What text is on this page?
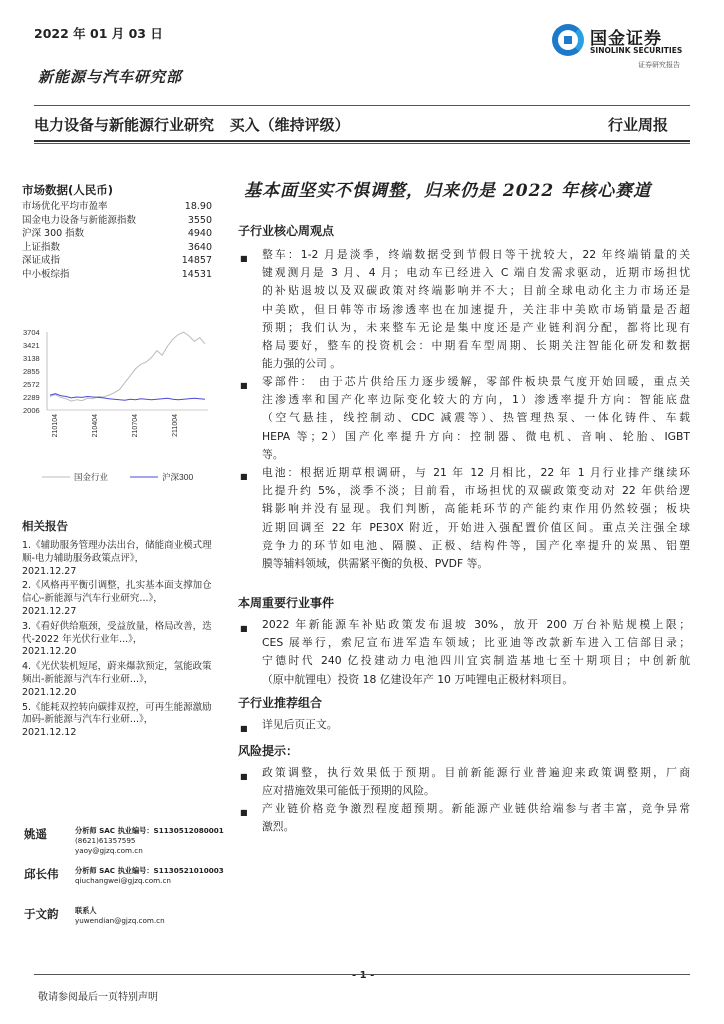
2022 年 01 月 03 日
新能源与汽车研究部
国金证券
SINOLINK SECURITIES
证券研究报告
电力设备与新能源行业研究   买入（维持评级）	行业周报
市场数据(人民币)
市场优化平均市盈率	18.90
国金电力设备与新能源指数	3550
沪深 300 指数	4940
上证指数	3640
深证成指	14857
中小板综指	14531
3704
3421
3138
2855
2572
2289
2006
210104	210404	210704	211004
国金行业	沪深300
相关报告
1.《辅助服务管理办法出台，储能商业模式理顺-电力辅助服务政策点评》，
2021.12.27
2.《风格再平衡引调整，扎实基本面支撑加仓信心-新能源与汽车行业研究...》，
2021.12.27
3.《看好供给瓶颈，受益放量，格局改善，迭代-2022 年光伏行业年...》，
2021.12.20
4.《光伏装机短尾，蔚来爆款预定，氢能政策频出-新能源与汽车行业研...》，
2021.12.20
5.《能耗双控转向碳排双控，可再生能源激励加码-新能源与汽车行业研...》，
2021.12.12
姚遥	分析师 SAC 执业编号：S1130512080001
(8621)61357595
yaoy@gjzq.com.cn
邱长伟 分析师 SAC 执业编号：S1130521010003
qiuchangwei@gjzq.com.cn
于文韵 联系人
yuwendian@gjzq.com.cn
基本面坚实不惧调整，归来仍是 2022 年核心赛道
子行业核心周观点
■ 整车：1-2 月是淡季，终端数据受到节假日等干扰较大，22 年终端销量的关
键观测月是 3 月、4 月；电动车已经进入 C 端自发需求驱动，近期市场担忧
的补贴退坡以及双碳政策对终端影响并不大；目前全球电动化主力市场还是
中美欧，但日韩等市场渗透率也在加速提升，关注非中美欧市场销量是否超
预期；我们认为，未来整车无论是集中度还是产业链利润分配，都将比现有
格局要好，整车的投资机会：中期看车型周期、长期关注智能化研发和数据
能力强的公司 。
■ 零部件： 由于芯片供给压力逐步缓解，零部件板块景气度开始回暖，重点关
注渗透率和国产化率边际变化较大的方向，1）渗透率提升方向：智能底盘
（空气悬挂，线控制动、CDC 减震等）、热管理热泵、一体化铸件、车载
HEPA 等；2）国产化率提升方向：控制器、微电机、音响、轮胎、IGBT
等。
■ 电池：根据近期草根调研，与 21 年 12 月相比，22 年 1 月行业排产继续环
比提升约 5%，淡季不淡；目前看，市场担忧的双碳政策变动对 22 年供给逻
辑影响并没有显现。我们判断，高能耗环节的产能约束作用仍然较强；板块
近期回调至 22 年 PE30X 附近，开始进入强配置价值区间。重点关注强全球
竞争力的环节如电池、隔膜、正极、结构件等，国产化率提升的炭黑、铝塑
膜等辅料领域，供需紧平衡的负极、PVDF 等。
本周重要行业事件
■ 2022 年新能源车补贴政策发布退坡 30%，放开 200 万台补贴规模上限；
CES 展举行，索尼宣布进军造车领域；比亚迪等改款新车进入工信部目录；
宁德时代 240 亿投建动力电池四川宜宾制造基地七至十期项目；中创新航
（原中航锂电）投资 18 亿建设年产 10 万吨锂电正极材料项目。
子行业推荐组合
■ 详见后页正文。
风险提示：
■ 政策调整，执行效果低于预期。目前新能源行业普遍迎来政策调整期，厂商
应对措施效果可能低于预期的风险。
■ 产业链价格竞争激烈程度超预期。新能源产业链供给端参与者丰富，竞争异常
激烈。
- 1 -
敬请参阅最后一页特别声明
